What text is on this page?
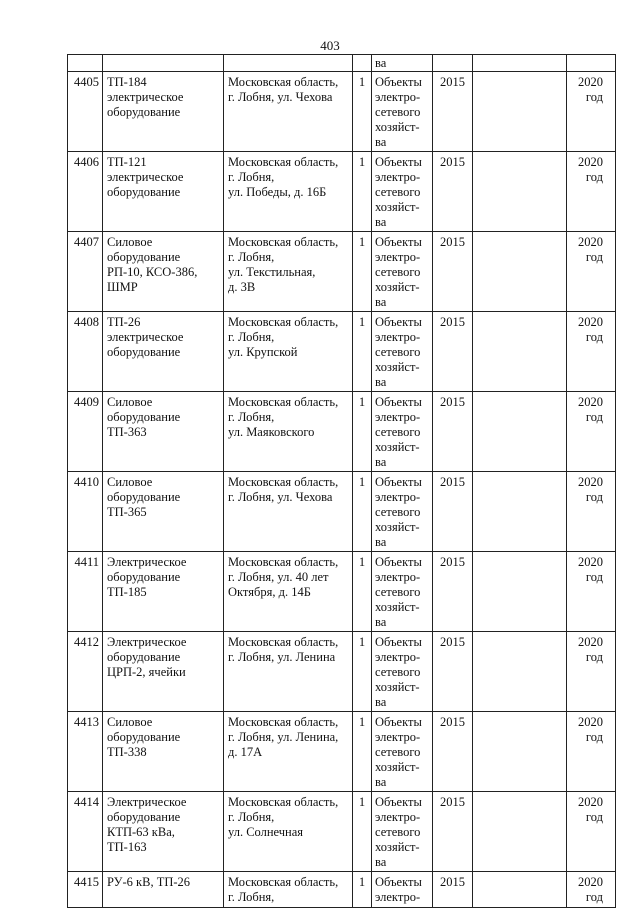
403

				ва			

4405	ТП-184
электрическое
оборудование	Московская область,
г. Лобня, ул. Чехова	1	Объекты
электро-
сетевого
хозяйст-
ва	2015		2020
год

4406	ТП-121
электрическое
оборудование	Московская область,
г. Лобня,
ул. Победы, д. 16Б	1	Объекты
электро-
сетевого
хозяйст-
ва	2015		2020
год

4407	Силовое
оборудование
РП-10, КСО-386,
ШМР	Московская область,
г. Лобня,
ул. Текстильная,
д. 3В	1	Объекты
электро-
сетевого
хозяйст-
ва	2015		2020
год

4408	ТП-26
электрическое
оборудование	Московская область,
г. Лобня,
ул. Крупской	1	Объекты
электро-
сетевого
хозяйст-
ва	2015		2020
год

4409	Силовое
оборудование
ТП-363	Московская область,
г. Лобня,
ул. Маяковского	1	Объекты
электро-
сетевого
хозяйст-
ва	2015		2020
год

4410	Силовое
оборудование
ТП-365	Московская область,
г. Лобня, ул. Чехова	1	Объекты
электро-
сетевого
хозяйст-
ва	2015		2020
год

4411	Электрическое
оборудование
ТП-185	Московская область,
г. Лобня, ул. 40 лет
Октября, д. 14Б	1	Объекты
электро-
сетевого
хозяйст-
ва	2015		2020
год

4412	Электрическое
оборудование
ЦРП-2, ячейки	Московская область,
г. Лобня, ул. Ленина	1	Объекты
электро-
сетевого
хозяйст-
ва	2015		2020
год

4413	Силовое
оборудование
ТП-338	Московская область,
г. Лобня, ул. Ленина,
д. 17А	1	Объекты
электро-
сетевого
хозяйст-
ва	2015		2020
год

4414	Электрическое
оборудование
КТП-63 кВа,
ТП-163	Московская область,
г. Лобня,
ул. Солнечная	1	Объекты
электро-
сетевого
хозяйст-
ва	2015		2020
год

4415	РУ-6 кВ, ТП-26	Московская область,
г. Лобня,	1	Объекты
электро-	2015		2020
год
